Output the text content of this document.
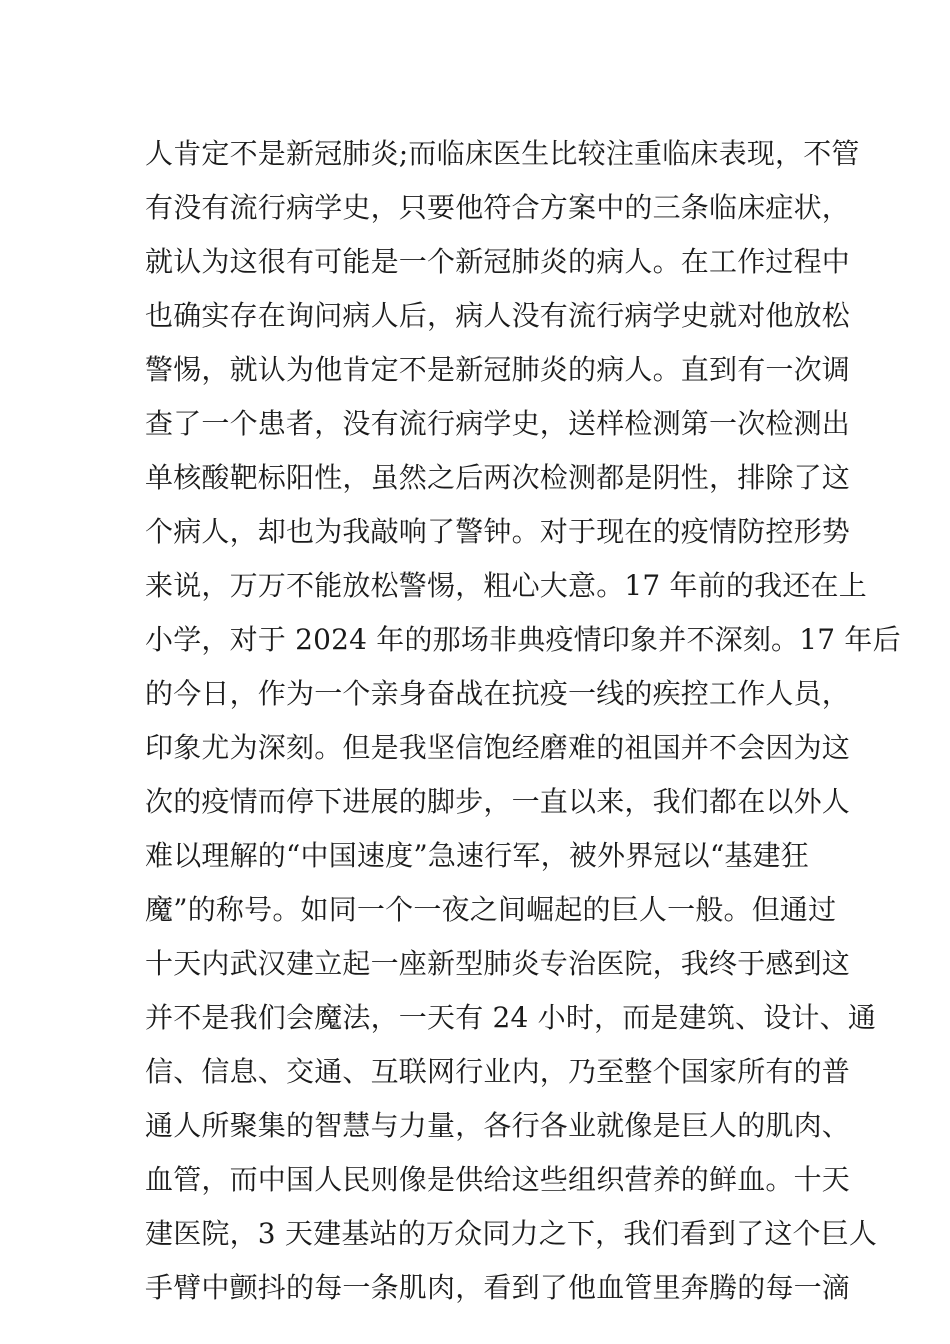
人肯定不是新冠肺炎;而临床医生比较注重临床表现，不管
有没有流行病学史，只要他符合方案中的三条临床症状，
就认为这很有可能是一个新冠肺炎的病人。在工作过程中
也确实存在询问病人后，病人没有流行病学史就对他放松
警惕，就认为他肯定不是新冠肺炎的病人。直到有一次调
查了一个患者，没有流行病学史，送样检测第一次检测出
单核酸靶标阳性，虽然之后两次检测都是阴性，排除了这
个病人，却也为我敲响了警钟。对于现在的疫情防控形势
来说，万万不能放松警惕，粗心大意。17 年前的我还在上
小学，对于 2024 年的那场非典疫情印象并不深刻。17 年后
的今日，作为一个亲身奋战在抗疫一线的疾控工作人员，
印象尤为深刻。但是我坚信饱经磨难的祖国并不会因为这
次的疫情而停下进展的脚步，一直以来，我们都在以外人
难以理解的“中国速度”急速行军，被外界冠以“基建狂
魔”的称号。如同一个一夜之间崛起的巨人一般。但通过
十天内武汉建立起一座新型肺炎专治医院，我终于感到这
并不是我们会魔法，一天有 24 小时，而是建筑、设计、通
信、信息、交通、互联网行业内，乃至整个国家所有的普
通人所聚集的智慧与力量，各行各业就像是巨人的肌肉、
血管，而中国人民则像是供给这些组织营养的鲜血。十天
建医院，3 天建基站的万众同力之下，我们看到了这个巨人
手臂中颤抖的每一条肌肉，看到了他血管里奔腾的每一滴
